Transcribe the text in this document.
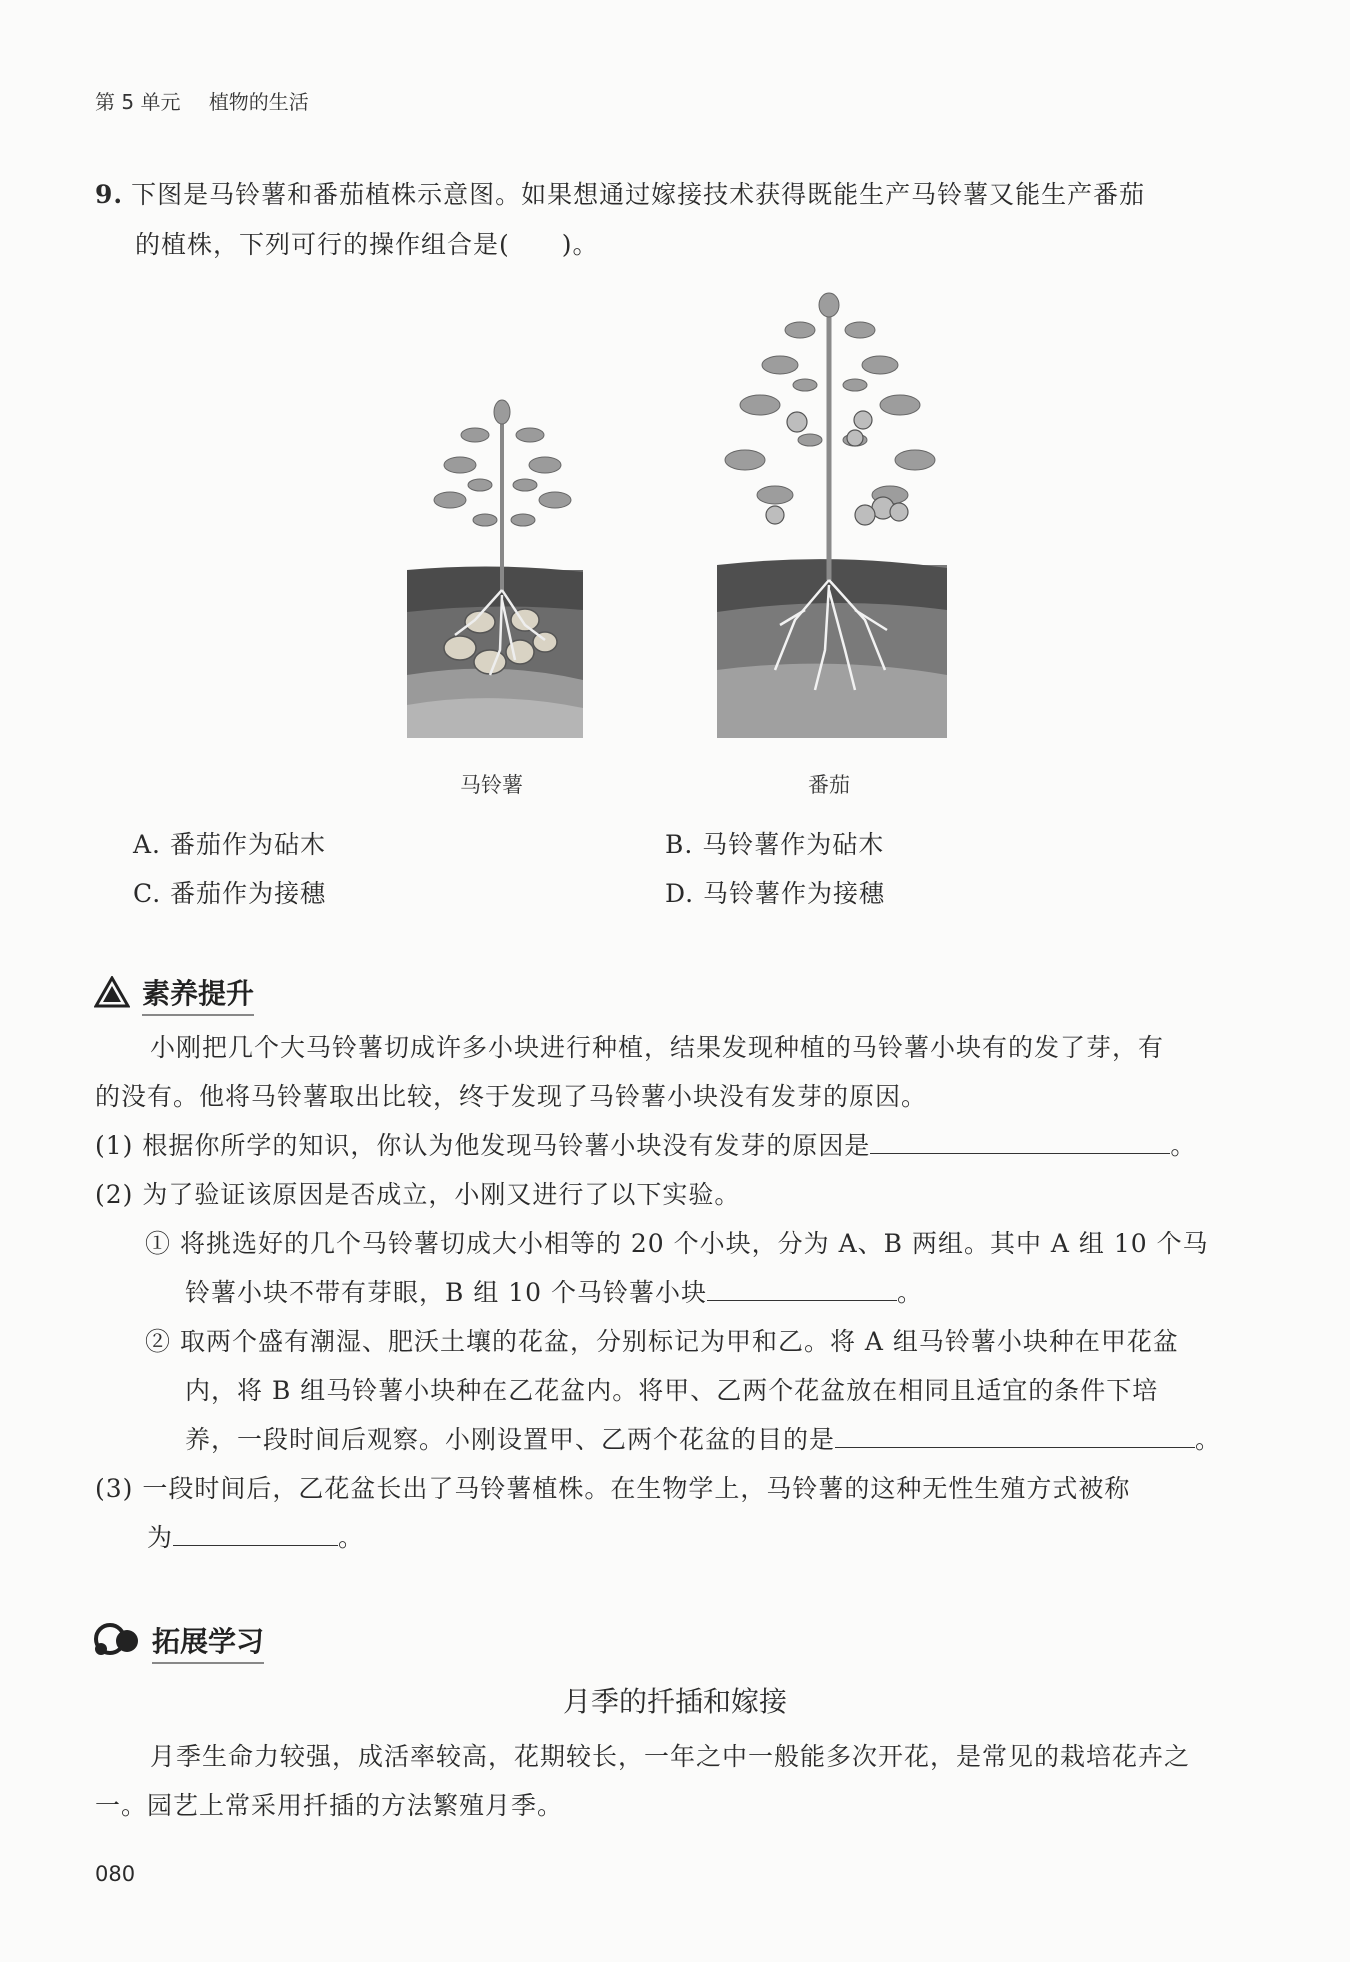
第 5 单元 植物的生活
9. 下图是马铃薯和番茄植株示意图。如果想通过嫁接技术获得既能生产马铃薯又能生产番茄
的植株，下列可行的操作组合是(　　)。
马铃薯	番茄
A. 番茄作为砧木	B. 马铃薯作为砧木
C. 番茄作为接穗	D. 马铃薯作为接穗
素养提升
小刚把几个大马铃薯切成许多小块进行种植，结果发现种植的马铃薯小块有的发了芽，有
的没有。他将马铃薯取出比较，终于发现了马铃薯小块没有发芽的原因。
(1) 根据你所学的知识，你认为他发现马铃薯小块没有发芽的原因是	。
(2) 为了验证该原因是否成立，小刚又进行了以下实验。
① 将挑选好的几个马铃薯切成大小相等的 20 个小块，分为 A、B 两组。其中 A 组 10 个马
铃薯小块不带有芽眼，B 组 10 个马铃薯小块	。
② 取两个盛有潮湿、肥沃土壤的花盆，分别标记为甲和乙。将 A 组马铃薯小块种在甲花盆
内，将 B 组马铃薯小块种在乙花盆内。将甲、乙两个花盆放在相同且适宜的条件下培
养，一段时间后观察。小刚设置甲、乙两个花盆的目的是	。
(3) 一段时间后，乙花盆长出了马铃薯植株。在生物学上，马铃薯的这种无性生殖方式被称
为	。
拓展学习
月季的扦插和嫁接
月季生命力较强，成活率较高，花期较长，一年之中一般能多次开花，是常见的栽培花卉之
一。园艺上常采用扦插的方法繁殖月季。
080
